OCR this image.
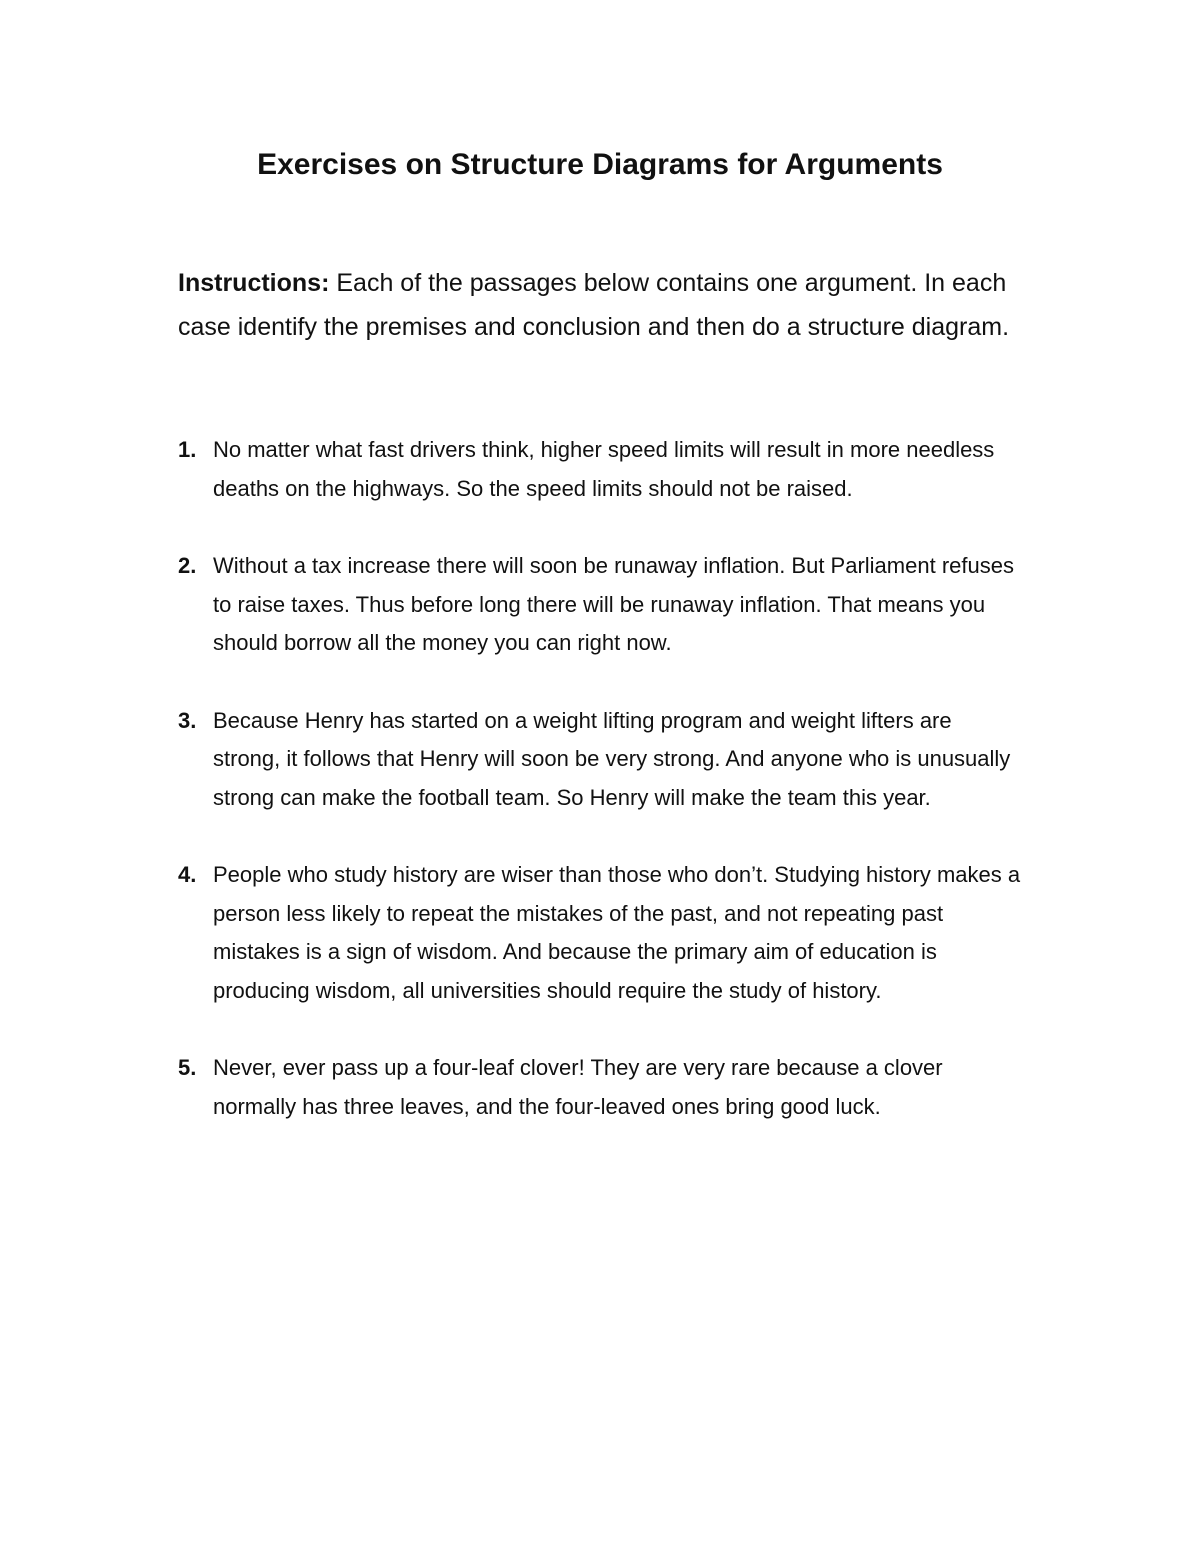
Exercises on Structure Diagrams for Arguments

Instructions: Each of the passages below contains one argument. In each case identify the premises and conclusion and then do a structure diagram.

1. No matter what fast drivers think, higher speed limits will result in more needless deaths on the highways. So the speed limits should not be raised.
2. Without a tax increase there will soon be runaway inflation. But Parliament refuses to raise taxes. Thus before long there will be runaway inflation. That means you should borrow all the money you can right now.
3. Because Henry has started on a weight lifting program and weight lifters are strong, it follows that Henry will soon be very strong. And anyone who is unusually strong can make the football team. So Henry will make the team this year.
4. People who study history are wiser than those who don’t. Studying history makes a person less likely to repeat the mistakes of the past, and not repeating past mistakes is a sign of wisdom. And because the primary aim of education is producing wisdom, all universities should require the study of history.
5. Never, ever pass up a four-leaf clover! They are very rare because a clover normally has three leaves, and the four-leaved ones bring good luck.
